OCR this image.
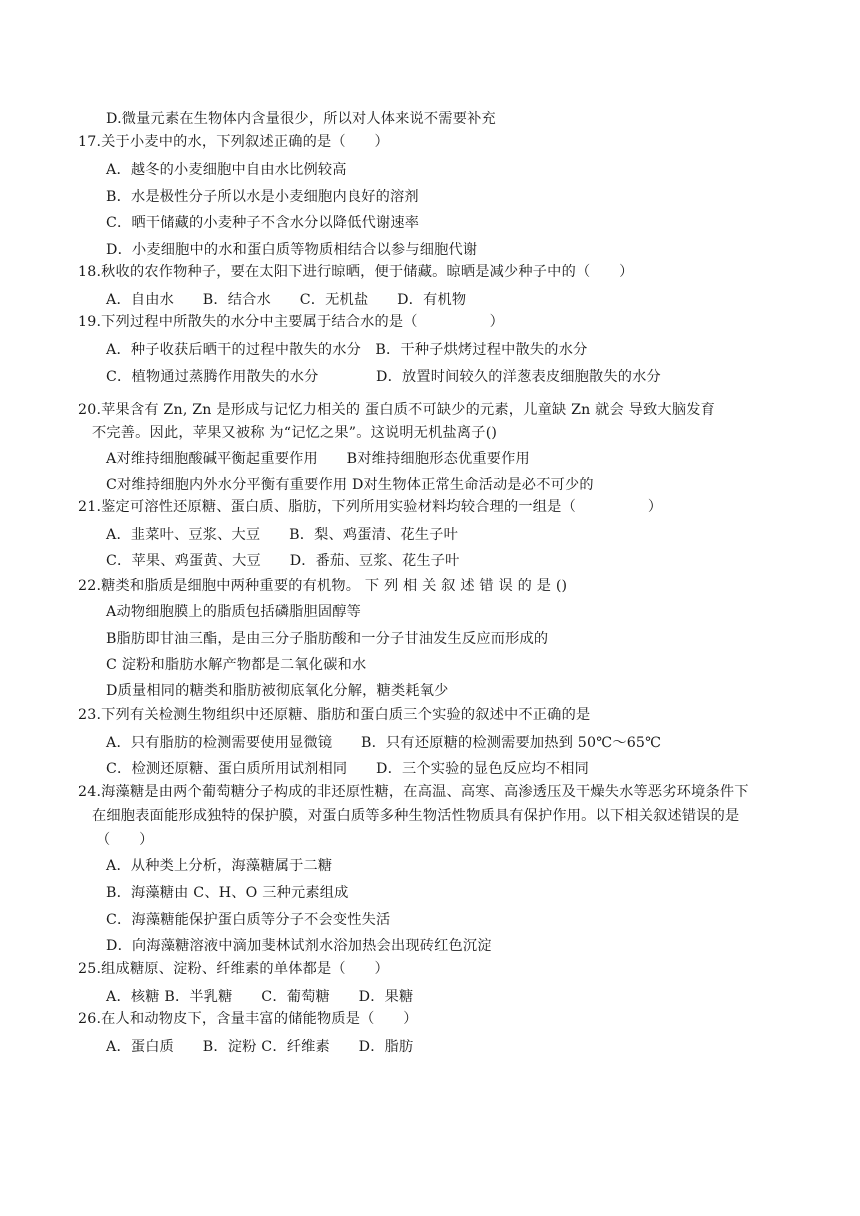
D.微量元素在生物体内含量很少，所以对人体来说不需要补充
17.关于小麦中的水，下列叙述正确的是（　　）
A．越冬的小麦细胞中自由水比例较高
B．水是极性分子所以水是小麦细胞内良好的溶剂
C．晒干储藏的小麦种子不含水分以降低代谢速率
D．小麦细胞中的水和蛋白质等物质相结合以参与细胞代谢
18.秋收的农作物种子，要在太阳下进行晾晒，便于储藏。晾晒是减少种子中的（　　）
A．自由水　　B．结合水　　C．无机盐　　D．有机物
19.下列过程中所散失的水分中主要属于结合水的是（　　　　　）
A．种子收获后晒干的过程中散失的水分　B．干种子烘烤过程中散失的水分
C．植物通过蒸腾作用散失的水分	D．放置时间较久的洋葱表皮细胞散失的水分
20.苹果含有 Zn, Zn 是形成与记忆力相关的 蛋白质不可缺少的元素，儿童缺 Zn 就会 导致大脑发育
不完善。因此，苹果又被称 为“记忆之果”。这说明无机盐离子()
A对维持细胞酸碱平衡起重要作用　　B对维持细胞形态优重要作用
C对维持细胞内外水分平衡有重要作用 D对生物体正常生命活动是必不可少的
21.鉴定可溶性还原糖、蛋白质、脂肪，下列所用实验材料均较合理的一组是（　　　　　）
A．韭菜叶、豆浆、大豆　　B．梨、鸡蛋清、花生子叶
C．苹果、鸡蛋黄、大豆　　D．番茄、豆浆、花生子叶
22.糖类和脂质是细胞中两种重要的有机物。 下 列 相 关 叙 述 错 误 的 是 ()
A动物细胞膜上的脂质包括磷脂胆固醇等
B脂肪即甘油三酯，是由三分子脂肪酸和一分子甘油发生反应而形成的
C 淀粉和脂肪水解产物都是二氧化碳和水
D质量相同的糖类和脂肪被彻底氧化分解，糖类耗氧少
23.下列有关检测生物组织中还原糖、脂肪和蛋白质三个实验的叙述中不正确的是
A．只有脂肪的检测需要使用显微镜　　B．只有还原糖的检测需要加热到 50℃～65℃
C．检测还原糖、蛋白质所用试剂相同　　D．三个实验的显色反应均不相同
24.海藻糖是由两个葡萄糖分子构成的非还原性糖，在高温、高寒、高渗透压及干燥失水等恶劣环境条件下
在细胞表面能形成独特的保护膜，对蛋白质等多种生物活性物质具有保护作用。以下相关叙述错误的是
（　　）
A．从种类上分析，海藻糖属于二糖
B．海藻糖由 C、H、O 三种元素组成
C．海藻糖能保护蛋白质等分子不会变性失活
D．向海藻糖溶液中滴加斐林试剂水浴加热会出现砖红色沉淀
25.组成糖原、淀粉、纤维素的单体都是（　　）
A．核糖 B．半乳糖　　C．葡萄糖　　D．果糖
26.在人和动物皮下，含量丰富的储能物质是（　　）
A．蛋白质　　B．淀粉 C．纤维素　　D．脂肪
